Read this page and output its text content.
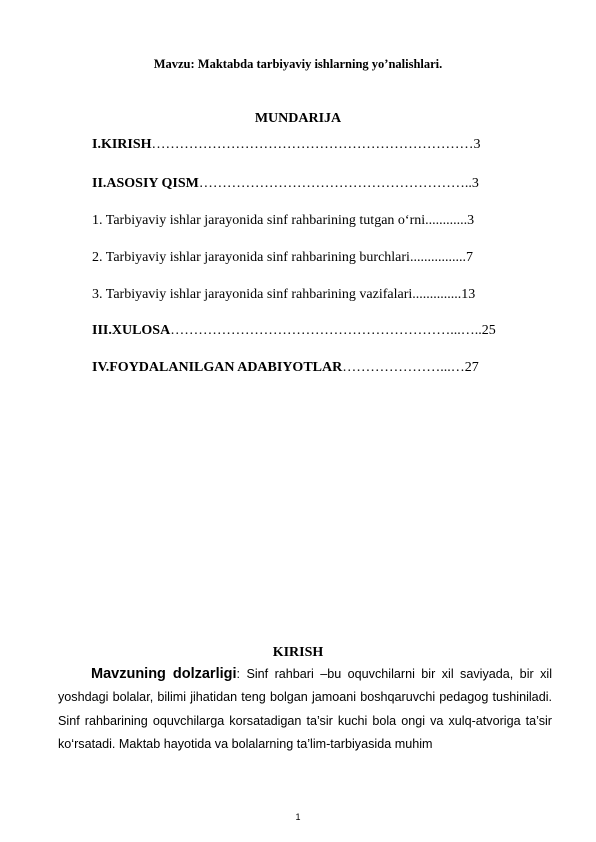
Mavzu: Maktabda tarbiyaviy ishlarning yo’nalishlari.
MUNDARIJA
I.KIRISH……………………………………………………………3
II.ASOSIY QISM…………………………………………………..3
1. Tarbiyaviy ishlar jarayonida sinf rahbarining tutgan o‘rni............3
2. Tarbiyaviy ishlar jarayonida sinf rahbarining burchlari................7
3. Tarbiyaviy ishlar jarayonida sinf rahbarining vazifalari..............13
III.XULOSA……………………………………………………...…..25
IV.FOYDALANILGAN ADABIYOTLAR…………………...…27
KIRISH
Mavzuning dolzarligi: Sinf rahbari –bu oquvchilarni bir xil saviyada, bir xil yoshdagi bolalar, bilimi jihatidan teng bolgan jamoani boshqaruvchi pedagog tushiniladi. Sinf rahbarining oquvchilarga korsatadigan ta’sir kuchi bola ongi va xulq-atvoriga ta’sir ko‘rsatadi. Maktab hayotida va bolalarning ta’lim-tarbiyasida muhim
1
